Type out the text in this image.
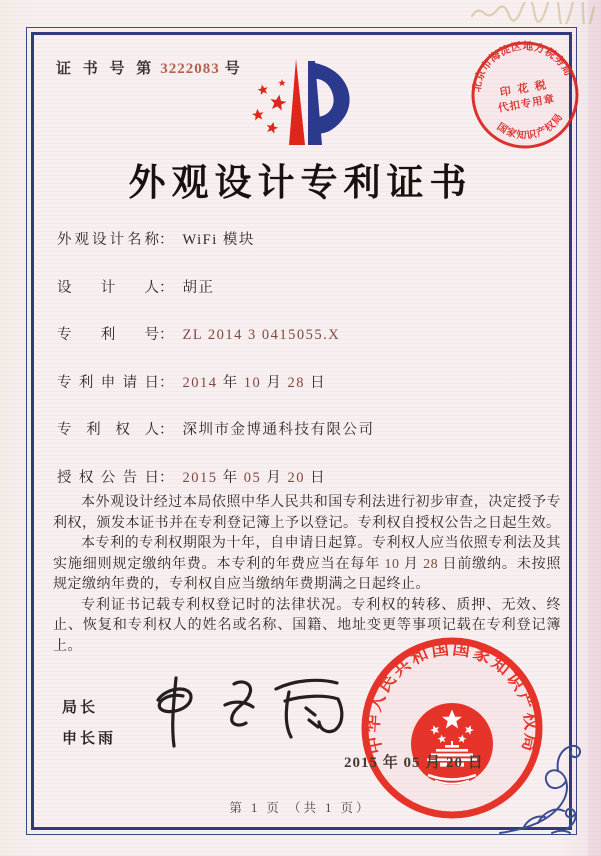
证 书 号 第 3222083 号
北京市海淀区地方税务局
国家知识产权局
印 花 税
代扣专用章
外观设计专利证书
外观设计名称： WiFi 模块
设计人： 胡正
专利号： ZL 2014 3 0415055.X
专利申请日： 2014 年 10 月 28 日
专利权人： 深圳市金博通科技有限公司
授权公告日： 2015 年 05 月 20 日

本外观设计经过本局依照中华人民共和国专利法进行初步审查，决定授予专利权，颁发本证书并在专利登记簿上予以登记。专利权自授权公告之日起生效。

本专利的专利权期限为十年，自申请日起算。专利权人应当依照专利法及其实施细则规定缴纳年费。本专利的年费应当在每年 10 月 28 日前缴纳。未按照规定缴纳年费的，专利权自应当缴纳年费期满之日起终止。

专利证书记载专利权登记时的法律状况。专利权的转移、质押、无效、终止、恢复和专利权人的姓名或名称、国籍、地址变更等事项记载在专利登记簿上。

局长
申长雨	中华人民共和国国家知识产权局
2015 年 05 月 20 日
第 1 页 （共 1 页）
